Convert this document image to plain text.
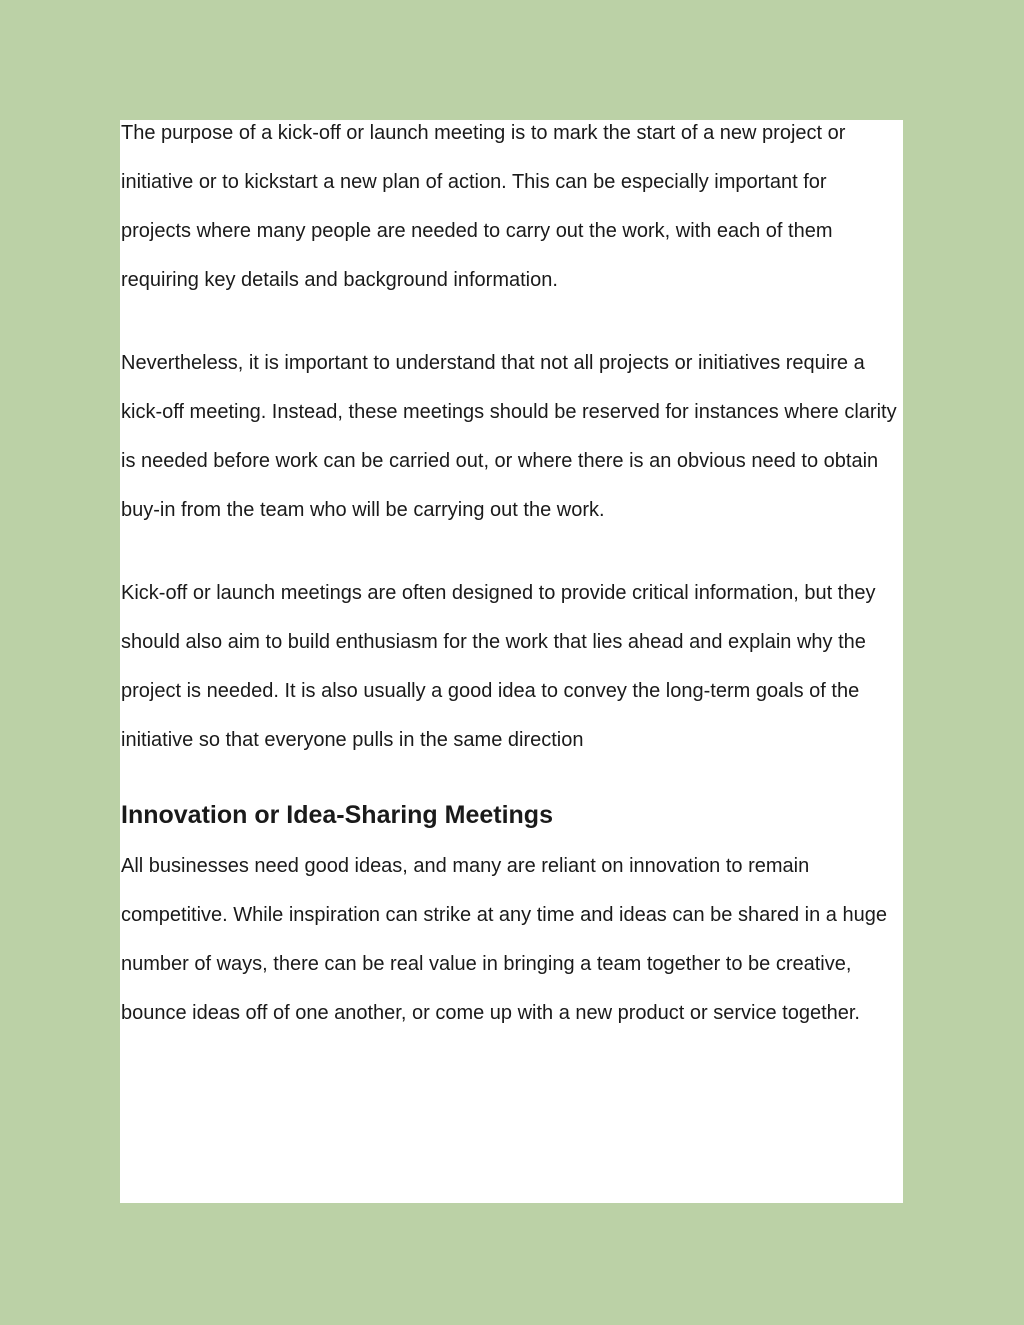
The purpose of a kick-off or launch meeting is to mark the start of a new project or initiative or to kickstart a new plan of action. This can be especially important for projects where many people are needed to carry out the work, with each of them requiring key details and background information.

Nevertheless, it is important to understand that not all projects or initiatives require a kick-off meeting. Instead, these meetings should be reserved for instances where clarity is needed before work can be carried out, or where there is an obvious need to obtain buy-in from the team who will be carrying out the work.

Kick-off or launch meetings are often designed to provide critical information, but they should also aim to build enthusiasm for the work that lies ahead and explain why the project is needed. It is also usually a good idea to convey the long-term goals of the initiative so that everyone pulls in the same direction

Innovation or Idea-Sharing Meetings

All businesses need good ideas, and many are reliant on innovation to remain competitive. While inspiration can strike at any time and ideas can be shared in a huge number of ways, there can be real value in bringing a team together to be creative, bounce ideas off of one another, or come up with a new product or service together.
